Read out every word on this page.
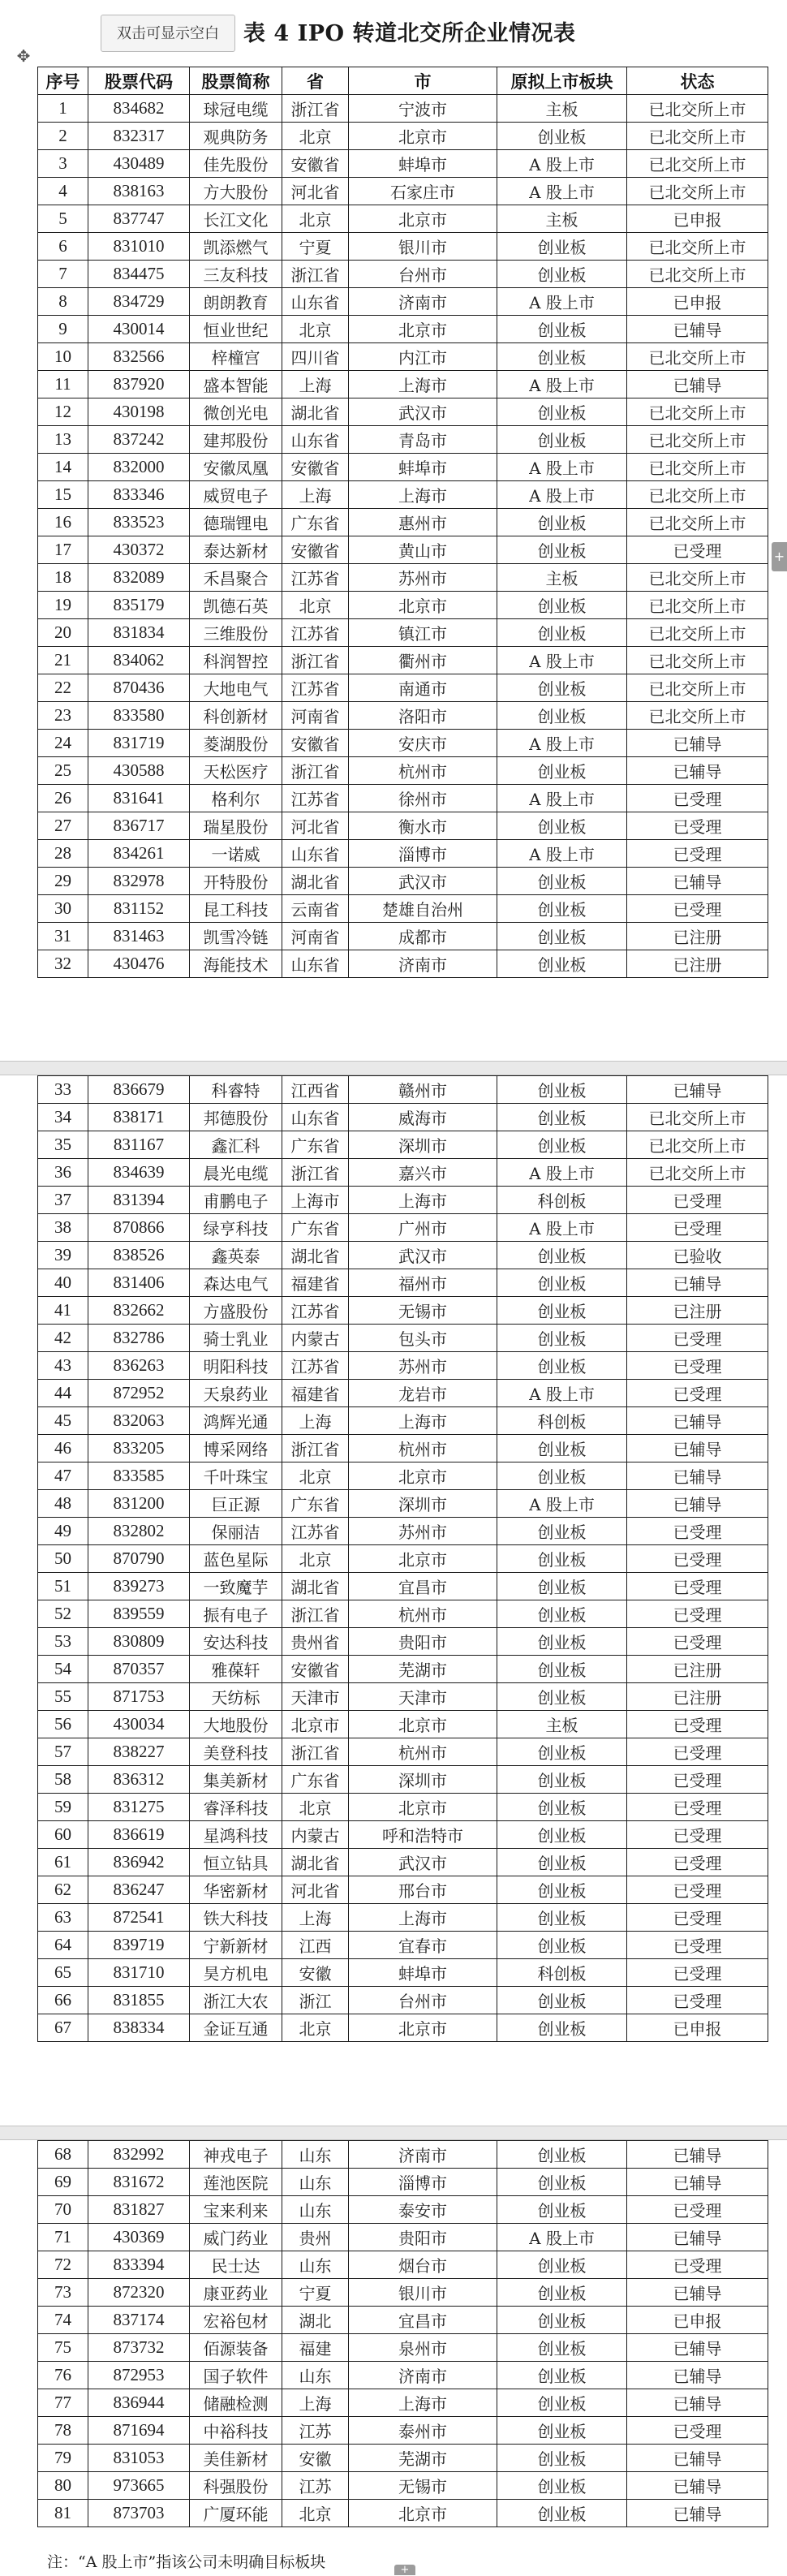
双击可显示空白	表 4 IPO 转道北交所企业情况表
✥
序号	股票代码	股票简称	省	市	原拟上市板块	状态
1	834682	球冠电缆	浙江省	宁波市	主板	已北交所上市
2	832317	观典防务	北京	北京市	创业板	已北交所上市
3	430489	佳先股份	安徽省	蚌埠市	A 股上市	已北交所上市
4	838163	方大股份	河北省	石家庄市	A 股上市	已北交所上市
5	837747	长江文化	北京	北京市	主板	已申报
6	831010	凯添燃气	宁夏	银川市	创业板	已北交所上市
7	834475	三友科技	浙江省	台州市	创业板	已北交所上市
8	834729	朗朗教育	山东省	济南市	A 股上市	已申报
9	430014	恒业世纪	北京	北京市	创业板	已辅导
10	832566	梓橦宫	四川省	内江市	创业板	已北交所上市
11	837920	盛本智能	上海	上海市	A 股上市	已辅导
12	430198	微创光电	湖北省	武汉市	创业板	已北交所上市
13	837242	建邦股份	山东省	青岛市	创业板	已北交所上市
14	832000	安徽凤凰	安徽省	蚌埠市	A 股上市	已北交所上市
15	833346	威贸电子	上海	上海市	A 股上市	已北交所上市
16	833523	德瑞锂电	广东省	惠州市	创业板	已北交所上市
17	430372	泰达新材	安徽省	黄山市	创业板	已受理
18	832089	禾昌聚合	江苏省	苏州市	主板	已北交所上市
19	835179	凯德石英	北京	北京市	创业板	已北交所上市
20	831834	三维股份	江苏省	镇江市	创业板	已北交所上市
21	834062	科润智控	浙江省	衢州市	A 股上市	已北交所上市
22	870436	大地电气	江苏省	南通市	创业板	已北交所上市
23	833580	科创新材	河南省	洛阳市	创业板	已北交所上市
24	831719	菱湖股份	安徽省	安庆市	A 股上市	已辅导
25	430588	天松医疗	浙江省	杭州市	创业板	已辅导
26	831641	格利尔	江苏省	徐州市	A 股上市	已受理
27	836717	瑞星股份	河北省	衡水市	创业板	已受理
28	834261	一诺威	山东省	淄博市	A 股上市	已受理
29	832978	开特股份	湖北省	武汉市	创业板	已辅导
30	831152	昆工科技	云南省	楚雄自治州	创业板	已受理
31	831463	凯雪冷链	河南省	成都市	创业板	已注册
32	430476	海能技术	山东省	济南市	创业板	已注册
+
33	836679	科睿特	江西省	赣州市	创业板	已辅导
34	838171	邦德股份	山东省	威海市	创业板	已北交所上市
35	831167	鑫汇科	广东省	深圳市	创业板	已北交所上市
36	834639	晨光电缆	浙江省	嘉兴市	A 股上市	已北交所上市
37	831394	甫鹏电子	上海市	上海市	科创板	已受理
38	870866	绿亨科技	广东省	广州市	A 股上市	已受理
39	838526	鑫英泰	湖北省	武汉市	创业板	已验收
40	831406	森达电气	福建省	福州市	创业板	已辅导
41	832662	方盛股份	江苏省	无锡市	创业板	已注册
42	832786	骑士乳业	内蒙古	包头市	创业板	已受理
43	836263	明阳科技	江苏省	苏州市	创业板	已受理
44	872952	天泉药业	福建省	龙岩市	A 股上市	已受理
45	832063	鸿辉光通	上海	上海市	科创板	已辅导
46	833205	博采网络	浙江省	杭州市	创业板	已辅导
47	833585	千叶珠宝	北京	北京市	创业板	已辅导
48	831200	巨正源	广东省	深圳市	A 股上市	已辅导
49	832802	保丽洁	江苏省	苏州市	创业板	已受理
50	870790	蓝色星际	北京	北京市	创业板	已受理
51	839273	一致魔芋	湖北省	宜昌市	创业板	已受理
52	839559	振有电子	浙江省	杭州市	创业板	已受理
53	830809	安达科技	贵州省	贵阳市	创业板	已受理
54	870357	雅葆轩	安徽省	芜湖市	创业板	已注册
55	871753	天纺标	天津市	天津市	创业板	已注册
56	430034	大地股份	北京市	北京市	主板	已受理
57	838227	美登科技	浙江省	杭州市	创业板	已受理
58	836312	集美新材	广东省	深圳市	创业板	已受理
59	831275	睿泽科技	北京	北京市	创业板	已受理
60	836619	星鸿科技	内蒙古	呼和浩特市	创业板	已受理
61	836942	恒立钻具	湖北省	武汉市	创业板	已受理
62	836247	华密新材	河北省	邢台市	创业板	已受理
63	872541	铁大科技	上海	上海市	创业板	已受理
64	839719	宁新新材	江西	宜春市	创业板	已受理
65	831710	昊方机电	安徽	蚌埠市	科创板	已受理
66	831855	浙江大农	浙江	台州市	创业板	已受理
67	838334	金证互通	北京	北京市	创业板	已申报
68	832992	神戎电子	山东	济南市	创业板	已辅导
69	831672	莲池医院	山东	淄博市	创业板	已辅导
70	831827	宝来利来	山东	泰安市	创业板	已受理
71	430369	威门药业	贵州	贵阳市	A 股上市	已辅导
72	833394	民士达	山东	烟台市	创业板	已受理
73	872320	康亚药业	宁夏	银川市	创业板	已辅导
74	837174	宏裕包材	湖北	宜昌市	创业板	已申报
75	873732	佰源装备	福建	泉州市	创业板	已辅导
76	872953	国子软件	山东	济南市	创业板	已辅导
77	836944	储融检测	上海	上海市	创业板	已辅导
78	871694	中裕科技	江苏	泰州市	创业板	已受理
79	831053	美佳新材	安徽	芜湖市	创业板	已辅导
80	973665	科强股份	江苏	无锡市	创业板	已辅导
81	873703	广厦环能	北京	北京市	创业板	已辅导
注：“A 股上市”指该公司未明确目标板块	+
